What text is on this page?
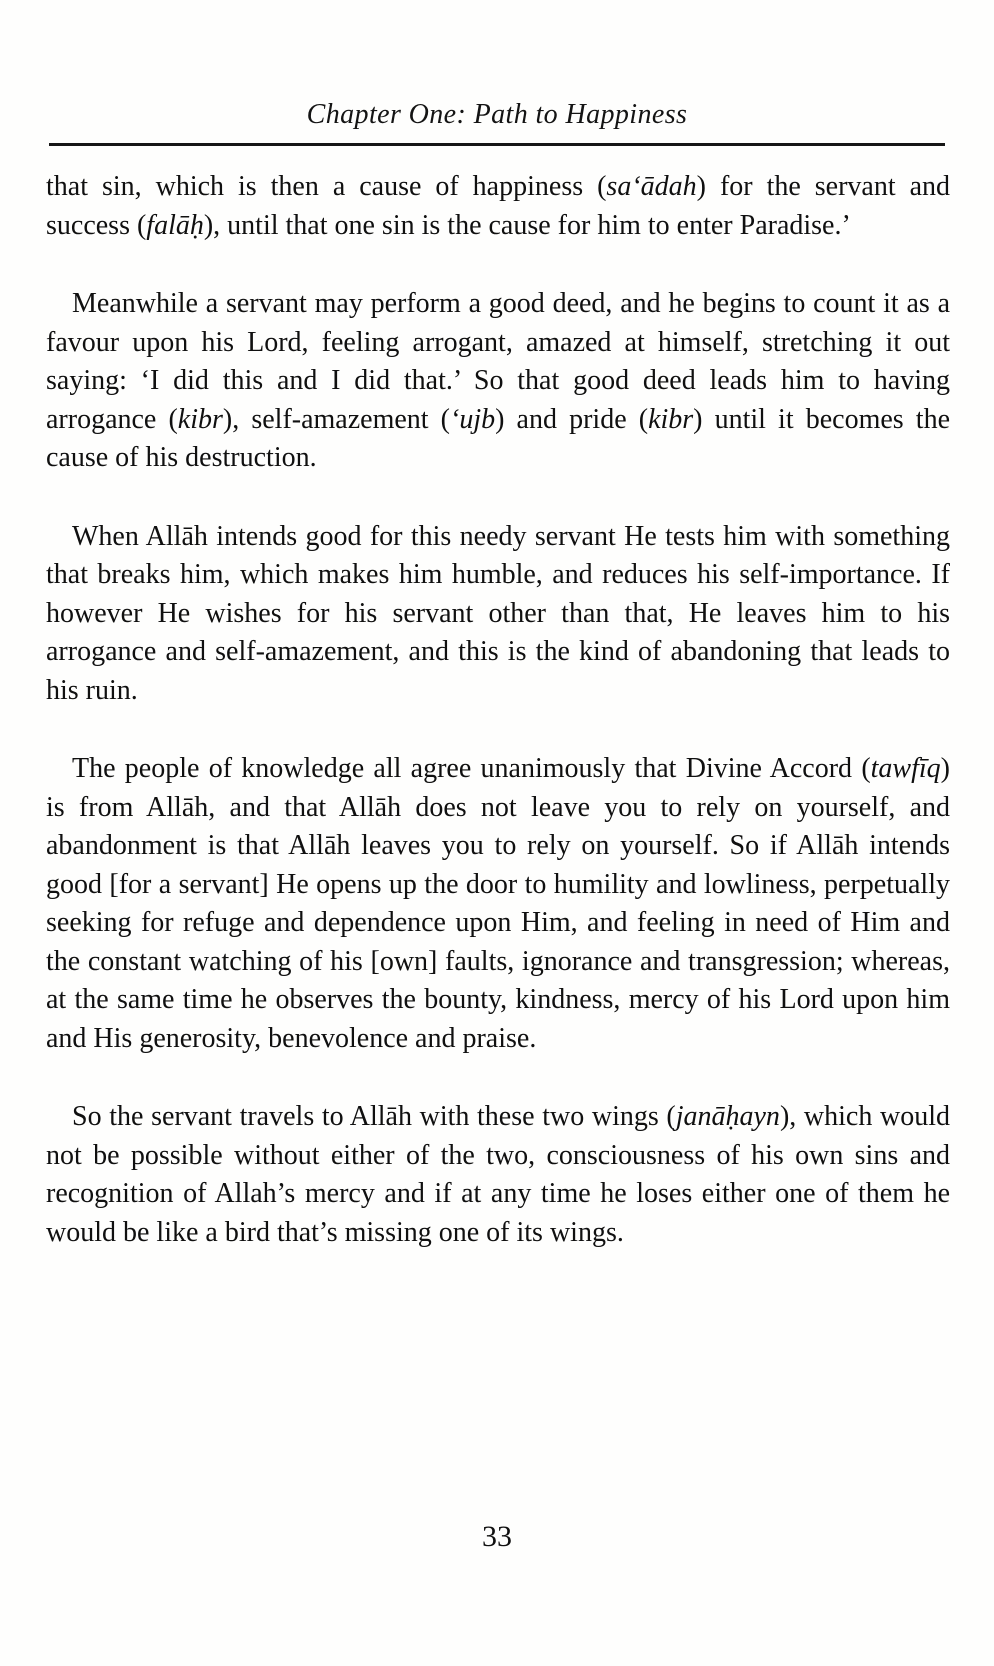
Chapter One: Path to Happiness

that sin, which is then a cause of happiness (sa‘ādah) for the servant and success (falāḥ), until that one sin is the cause for him to enter Paradise.’

Meanwhile a servant may perform a good deed, and he begins to count it as a favour upon his Lord, feeling arrogant, amazed at himself, stretching it out saying: ‘I did this and I did that.’ So that good deed leads him to having arrogance (kibr), self-amazement (‘ujb) and pride (kibr) until it becomes the cause of his destruction.

When Allāh intends good for this needy servant He tests him with something that breaks him, which makes him humble, and reduces his self-importance. If however He wishes for his servant other than that, He leaves him to his arrogance and self-amazement, and this is the kind of abandoning that leads to his ruin.

The people of knowledge all agree unanimously that Divine Accord (tawfīq) is from Allāh, and that Allāh does not leave you to rely on yourself, and abandonment is that Allāh leaves you to rely on yourself. So if Allāh intends good [for a servant] He opens up the door to humility and lowliness, perpetually seeking for refuge and dependence upon Him, and feeling in need of Him and the constant watching of his [own] faults, ignorance and transgression; whereas, at the same time he observes the bounty, kindness, mercy of his Lord upon him and His generosity, benevolence and praise.

So the servant travels to Allāh with these two wings (janāḥayn), which would not be possible without either of the two, consciousness of his own sins and recognition of Allah’s mercy and if at any time he loses either one of them he would be like a bird that’s missing one of its wings.

33
